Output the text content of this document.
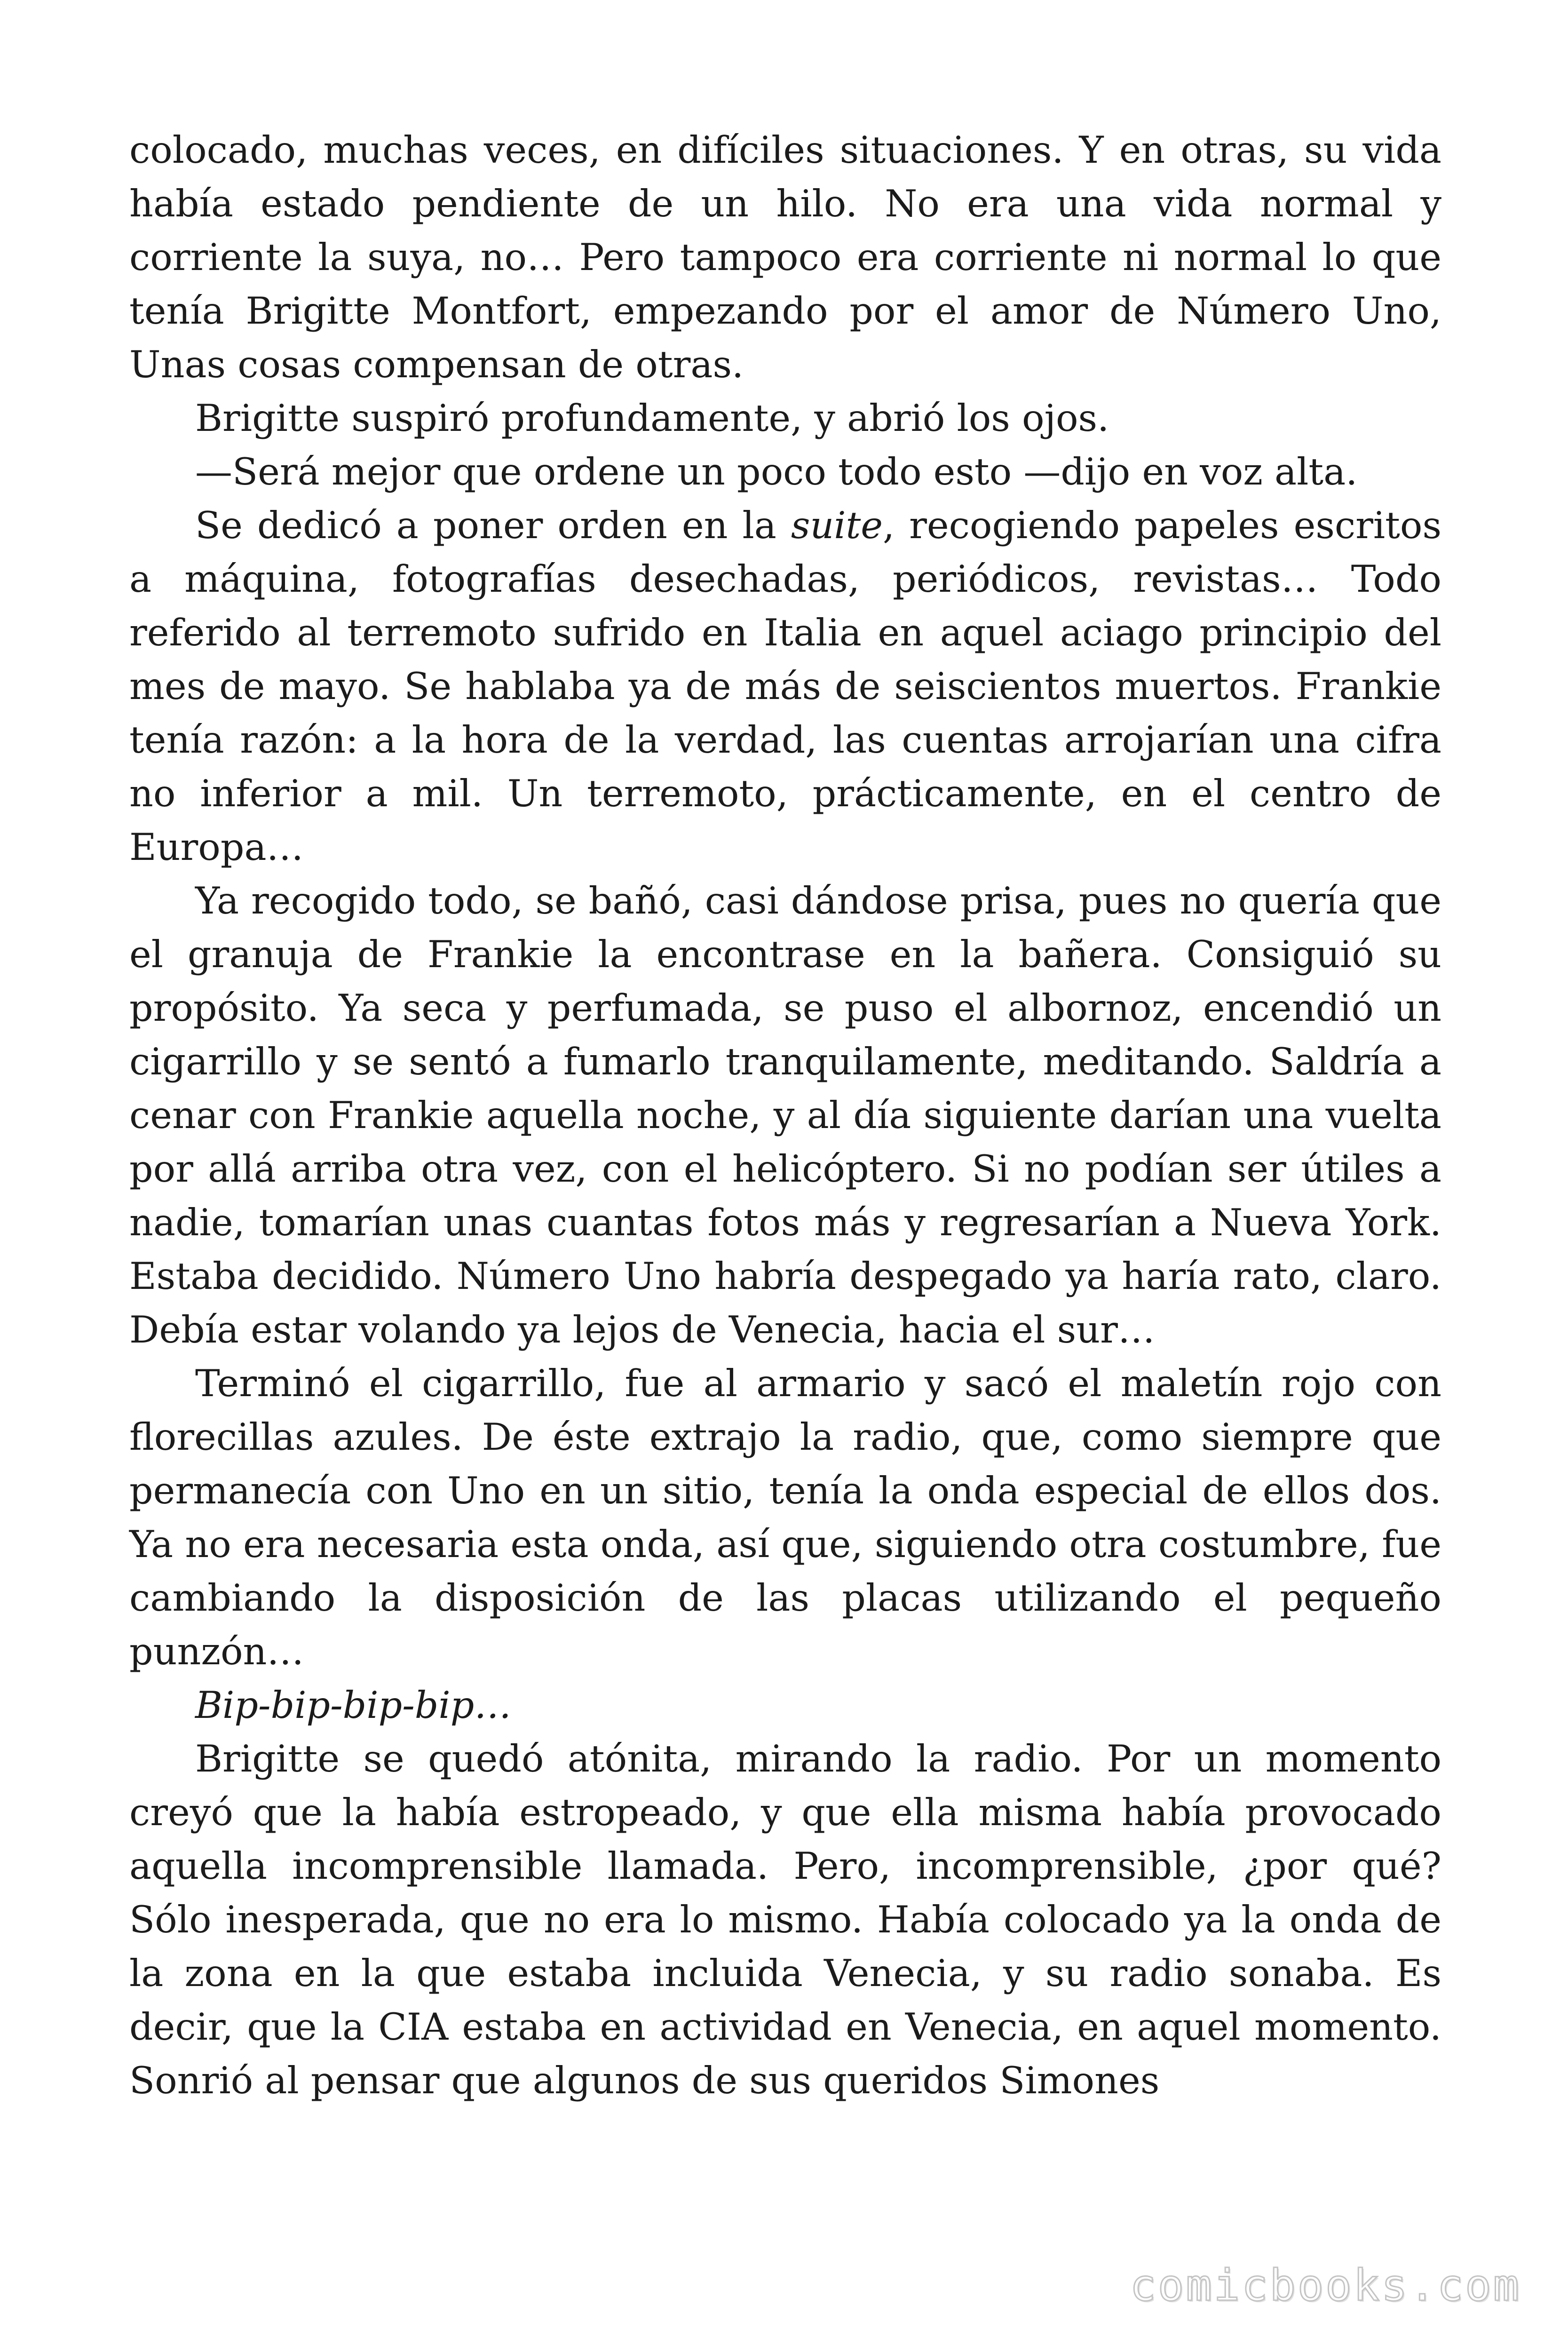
colocado, muchas veces, en difíciles situaciones. Y en otras, su vida había estado pendiente de un hilo. No era una vida normal y corriente la suya, no… Pero tampoco era corriente ni normal lo que tenía Brigitte Montfort, empezando por el amor de Número Uno, Unas cosas compensan de otras.

Brigitte suspiró profundamente, y abrió los ojos.

—Será mejor que ordene un poco todo esto —dijo en voz alta.

Se dedicó a poner orden en la suite, recogiendo papeles escritos a máquina, fotografías desechadas, periódicos, revistas… Todo referido al terremoto sufrido en Italia en aquel aciago principio del mes de mayo. Se hablaba ya de más de seiscientos muertos. Frankie tenía razón: a la hora de la verdad, las cuentas arrojarían una cifra no inferior a mil. Un terremoto, prácticamente, en el centro de Europa…

Ya recogido todo, se bañó, casi dándose prisa, pues no quería que el granuja de Frankie la encontrase en la bañera. Consiguió su propósito. Ya seca y perfumada, se puso el albornoz, encendió un cigarrillo y se sentó a fumarlo tranquilamente, meditando. Saldría a cenar con Frankie aquella noche, y al día siguiente darían una vuelta por allá arriba otra vez, con el helicóptero. Si no podían ser útiles a nadie, tomarían unas cuantas fotos más y regresarían a Nueva York. Estaba decidido. Número Uno habría despegado ya haría rato, claro. Debía estar volando ya lejos de Venecia, hacia el sur…

Terminó el cigarrillo, fue al armario y sacó el maletín rojo con florecillas azules. De éste extrajo la radio, que, como siempre que permanecía con Uno en un sitio, tenía la onda especial de ellos dos. Ya no era necesaria esta onda, así que, siguiendo otra costumbre, fue cambiando la disposición de las placas utilizando el pequeño punzón…

Bip-bip-bip-bip…

Brigitte se quedó atónita, mirando la radio. Por un momento creyó que la había estropeado, y que ella misma había provocado aquella incomprensible llamada. Pero, incomprensible, ¿por qué? Sólo inesperada, que no era lo mismo. Había colocado ya la onda de la zona en la que estaba incluida Venecia, y su radio sonaba. Es decir, que la CIA estaba en actividad en Venecia, en aquel momento. Sonrió al pensar que algunos de sus queridos Simones

comicbooks.com
